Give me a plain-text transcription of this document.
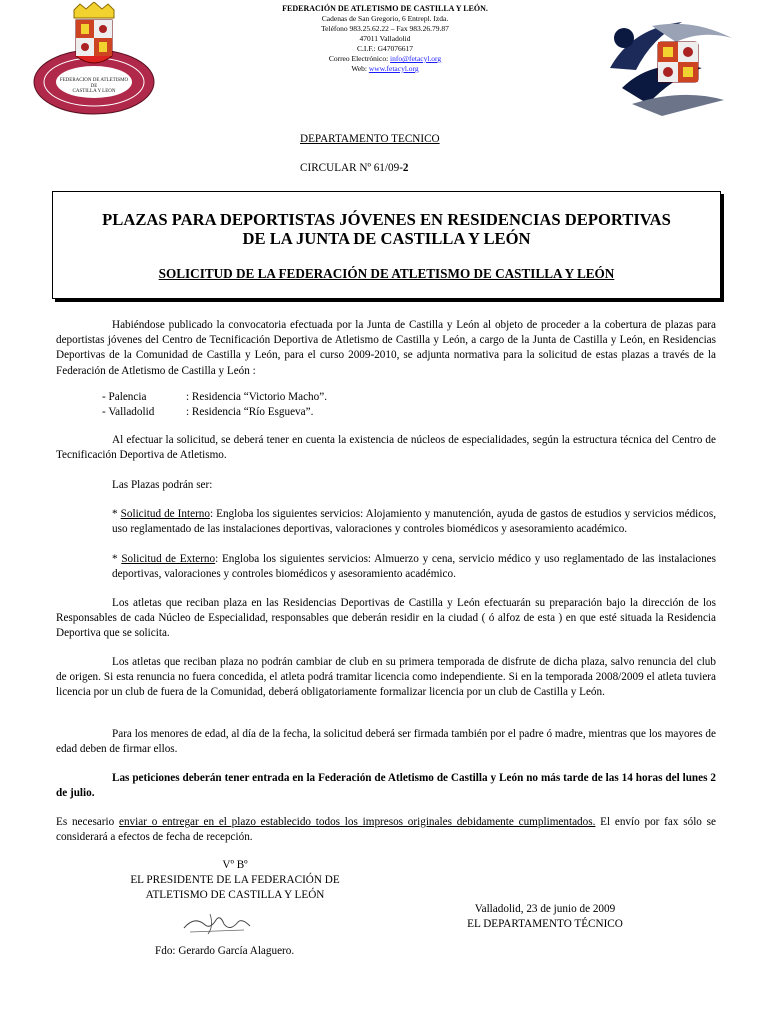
FEDERACION DE ATLETISMO
DE
CASTILLA Y LEON
FEDERACIÓN DE ATLETISMO DE CASTILLA Y LEÓN.
Cadenas de San Gregorio, 6 Entrepl. Izda.
Teléfono 983.25.62.22 – Fax 983.26.79.87
47011 Valladolid
C.I.F.: G47076617
Correo Electrónico: info@fetacyl.org
Web: www.fetacyl.org
DEPARTAMENTO TECNICO
CIRCULAR Nº 61/09-2
PLAZAS PARA DEPORTISTAS JÓVENES EN RESIDENCIAS DEPORTIVAS
DE LA JUNTA DE CASTILLA Y LEÓN
SOLICITUD DE LA FEDERACIÓN DE ATLETISMO DE CASTILLA Y LEÓN
Habiéndose publicado la convocatoria efectuada por la Junta de Castilla y León al objeto de proceder a la cobertura de plazas para deportistas jóvenes del Centro de Tecnificación Deportiva de Atletismo de Castilla y León, a cargo de la Junta de Castilla y León, en Residencias Deportivas de la Comunidad de Castilla y León, para el curso 2009-2010, se adjunta normativa para la solicitud de estas plazas a través de la Federación de Atletismo de Castilla y León :
- Palencia	: Residencia “Victorio Macho”.
- Valladolid	: Residencia “Río Esgueva”.
Al efectuar la solicitud, se deberá tener en cuenta la existencia de núcleos de especialidades, según la estructura técnica del Centro de Tecnificación Deportiva de Atletismo.
Las Plazas podrán ser:
* Solicitud de Interno: Engloba los siguientes servicios: Alojamiento y manutención, ayuda de gastos de estudios y servicios médicos, uso reglamentado de las instalaciones deportivas, valoraciones y controles biomédicos y asesoramiento académico.
* Solicitud de Externo: Engloba los siguientes servicios: Almuerzo y cena, servicio médico y uso reglamentado de las instalaciones deportivas, valoraciones y controles biomédicos y asesoramiento académico.
Los atletas que reciban plaza en las Residencias Deportivas de Castilla y León efectuarán su preparación bajo la dirección de los Responsables de cada Núcleo de Especialidad, responsables que deberán residir en la ciudad ( ó alfoz de esta ) en que esté situada la Residencia Deportiva que se solicita.
Los atletas que reciban plaza no podrán cambiar de club en su primera temporada de disfrute de dicha plaza, salvo renuncia del club de origen. Si esta renuncia no fuera concedida, el atleta podrá tramitar licencia como independiente. Si en la temporada 2008/2009 el atleta tuviera licencia por un club de fuera de la Comunidad, deberá obligatoriamente formalizar licencia por un club de Castilla y León.
Para los menores de edad, al día de la fecha, la solicitud deberá ser firmada también por el padre ó madre, mientras que los mayores de edad deben de firmar ellos.
Las peticiones deberán tener entrada en la Federación de Atletismo de Castilla y León no más tarde de las 14 horas del lunes 2 de julio.
Es necesario enviar o entregar en el plazo establecido todos los impresos originales debidamente cumplimentados. El envío por fax sólo se considerará a efectos de fecha de recepción.
Vº Bº
EL PRESIDENTE DE LA FEDERACIÓN DE
ATLETISMO DE CASTILLA Y LEÓN
Fdo: Gerardo García Alaguero.
Valladolid, 23 de junio de 2009
EL DEPARTAMENTO TÉCNICO
